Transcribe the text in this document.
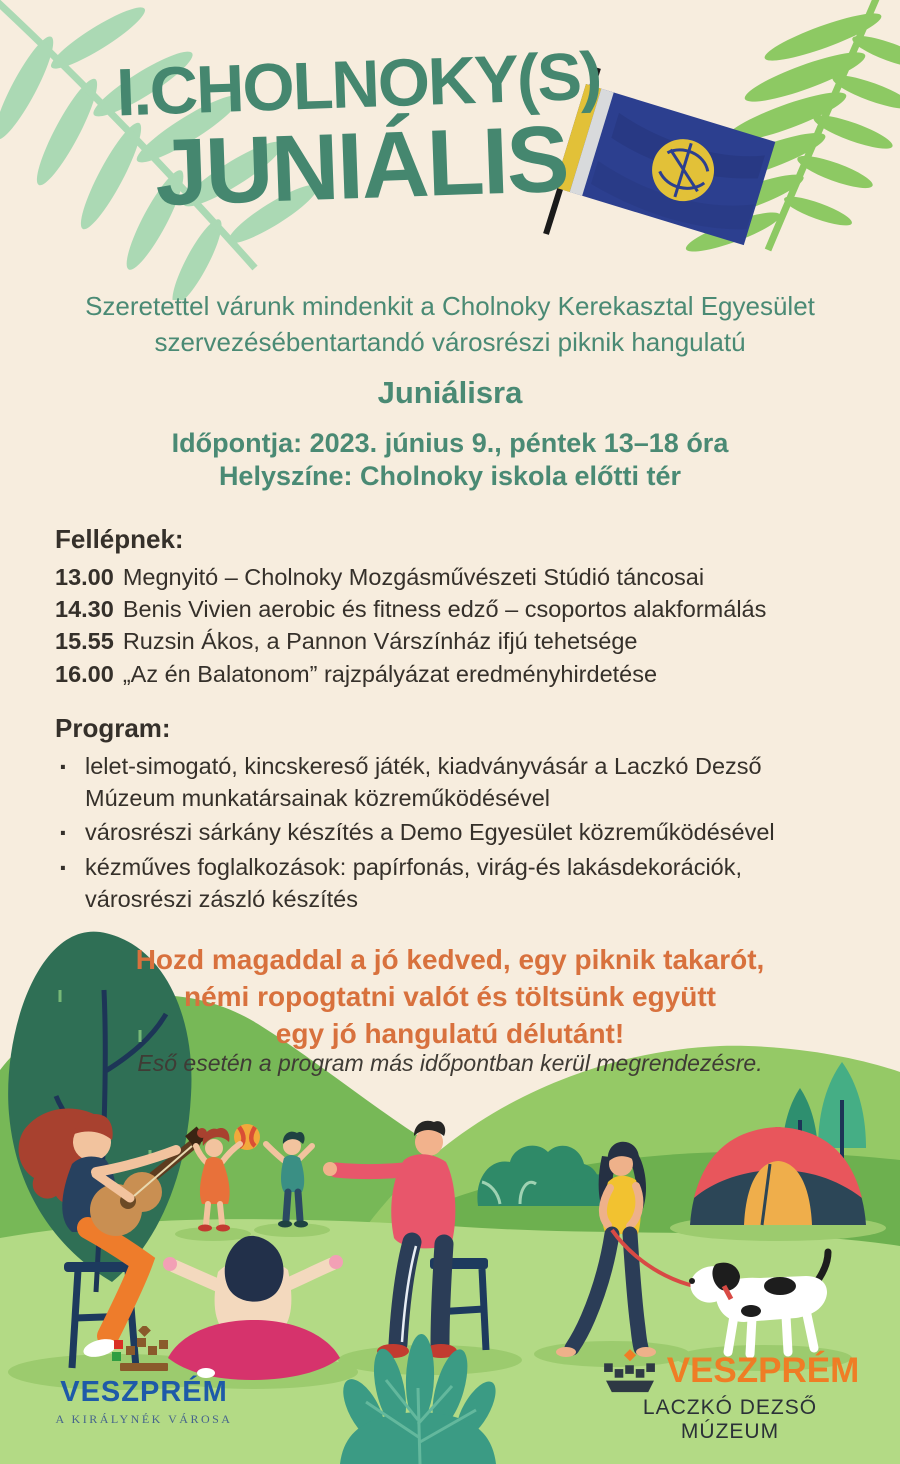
I.CHOLNOKY(S)
JUNIÁLIS
Szeretettel várunk mindenkit a Cholnoky Kerekasztal Egyesület
szervezésébentartandó városrészi piknik hangulatú
Juniálisra
Időpontja: 2023. június 9., péntek 13–18 óra
Helyszíne: Cholnoky iskola előtti tér
Fellépnek:
13.00 Megnyitó – Cholnoky Mozgásművészeti Stúdió táncosai
14.30 Benis Vivien aerobic és fitness edző – csoportos alakformálás
15.55 Ruzsin Ákos, a Pannon Várszínház ifjú tehetsége
16.00 „Az én Balatonom” rajzpályázat eredményhirdetése
Program:
· lelet-simogató, kincskereső játék, kiadványvásár a Laczkó Dezső Múzeum munkatársainak közreműködésével
· városrészi sárkány készítés a Demo Egyesület közreműködésével
· kézműves foglalkozások: papírfonás, virág-és lakásdekorációk, városrészi zászló készítés
Hozd magaddal a jó kedved, egy piknik takarót,
némi ropogtatni valót és töltsünk együtt
egy jó hangulatú délutánt!
Eső esetén a program más időpontban kerül megrendezésre.
VESZPRÉM
A KIRÁLYNÉK VÁROSA
VESZPRÉM
LACZKÓ DEZSŐ MÚZEUM
